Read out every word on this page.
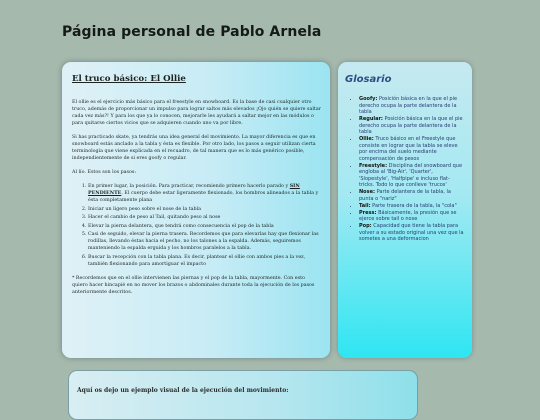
Página personal de Pablo Arnela
El truco básico: El Ollie

El ollie es el ejercicio más básico para el freestyle en snowboard. Es la base de casi cualquier otro truco, además de proporcionar un impulso para lograr saltos más elevados ¡Ojo quién se quiere saltar cada vez más?! Y para los que ya lo conocen, mejorarle les ayudará a saltar mejor en las módulos o para quitarse ciertos vicios que se adquieren cuando uno va por libre.

Si has practicado skate, ya tendrás una idea general del movimiento. La mayor diferencia es que en snowboard estás anclado a la tabla y ésta es flexible. Por otro lado, los pasos a seguir utilizan cierta terminología que viene explicada en el recuadro, de tal manera que es lo más genérico posible, independientemente de si eres goofy o regular.

Al lío. Estos son los pasos:

1. En primer lugar, la posición. Para practicar, recomiendo primero hacerlo parado y SIN PENDIENTE. El cuerpo debe estar ligeramente flexionado, los hombros alineados a la tabla y ésta completamente plana
2. Iniciar un ligero peso sobre el nose de la tabla
3. Hacer el cambio de peso al Tail, quitando peso al nose
4. Elevar la pierna delantera, que tendrá como consecuencia el pop de la tabla
5. Casi de seguido, elevar la pierna trasera. Recordemos que para elevarlas hay que flexionar las rodillas, llevando éstas hacia el pecho, no los talones a la espalda. Además, seguiremos manteniendo la espalda erguida y los hombros paralelos a la tabla.
6. Buscar la recepción con la tabla plana. Es decir, plantear el ollie con ambos pies a la vez, también flexionando para amortiguar el impacto

* Recordemos que en el ollie intervienen las piernas y el pop de la tabla, mayormente. Con esto quiero hacer hincapié en no mover los brazos o abdominales durante toda la ejecución de los pasos anteriormente descritos.

Glosario
• Goofy: Posición básica en la que el pie derecho ocupa la parte delantera de la tabla
• Regular: Posición básica en la que el pie derecho ocupa la parte delantera de la tabla
• Ollie: Truco básico en el Freestyle que consiste en lograr que la tabla se eleve por encima del suelo mediante compensación de pesos
• Freestyle: Disciplina del snowboard que engloba al 'Big-Air', 'Quarter', 'Slopestyle', 'Halfpipe' e incluso flat-tricks. Todo lo que conlleve 'trucos'
• Nose: Parte delantera de la tabla, la punta o "nariz"
• Tail: Parte trasera de la tabla, la "cola"
• Press: Básicamente, la presión que se ejerce sobre tail o nose
• Pop: Capacidad que tiene la tabla para volver a su estado original una vez que la sometes a una deformacion
Aquí os dejo un ejemplo visual de la ejecución del movimiento:
